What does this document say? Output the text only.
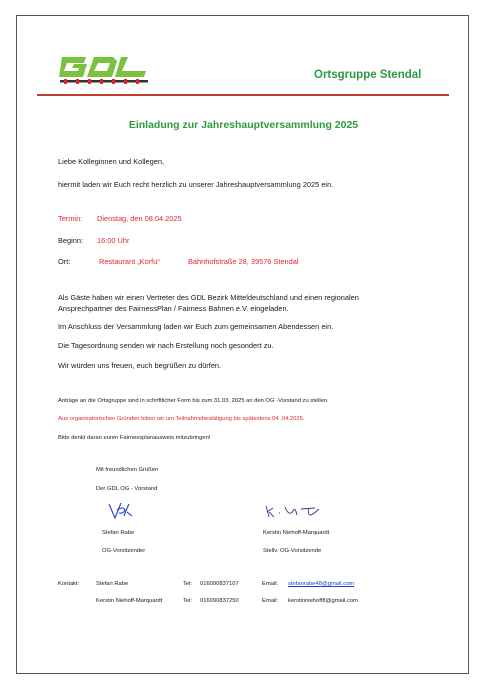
Ortsgruppe Stendal
Einladung zur Jahreshauptversammlung 2025
Liebe Kolleginnen und Kollegen,
hiermit laden wir Euch recht herzlich zu unserer Jahreshauptversammlung 2025 ein.
Termin: Dienstag, den 08.04.2025
Beginn: 16:00 Uhr
Ort:	Restaurant „Korfu“	Bahnhofstraße 28, 39576 Stendal
Als Gäste haben wir einen Vertreter des GDL Bezirk Mitteldeutschland und einen regionalen
Ansprechpartner des FairnessPlan / Fairness Bahnen e.V. eingeladen.
Im Anschluss der Versammlung laden wir Euch zum gemeinsamen Abendessen ein.
Die Tagesordnung senden wir nach Erstellung noch gesondert zu.
Wir würden uns freuen, euch begrüßen zu dürfen.
Anträge an die Ortsgruppe sind in schriftlicher Form bis zum 31.03. 2025 an den OG -Vorstand zu stellen.
Aus organisatorischen Gründen bitten wir um Teilnahmebestätigung bis spätestens 04 .04.2025.
Bitte denkt daran euren Fairnessplanausweis mitzubringen!
Mit freundlichen Grüßen
Der GDL OG - Vorstand
Stefan Rabe
OG-Vorsitzender
Kerstin Niehoff-Marquardt
Stellv. OG-Vorsitzende
Kontakt:	Stefan Rabe	Tel: 016090837107	Email: stefanrabe48@gmail.com
Kerstin Niehoff-Marquardt	Tel: 016090837250	Email: kerstinniehoff8@gmail.com
